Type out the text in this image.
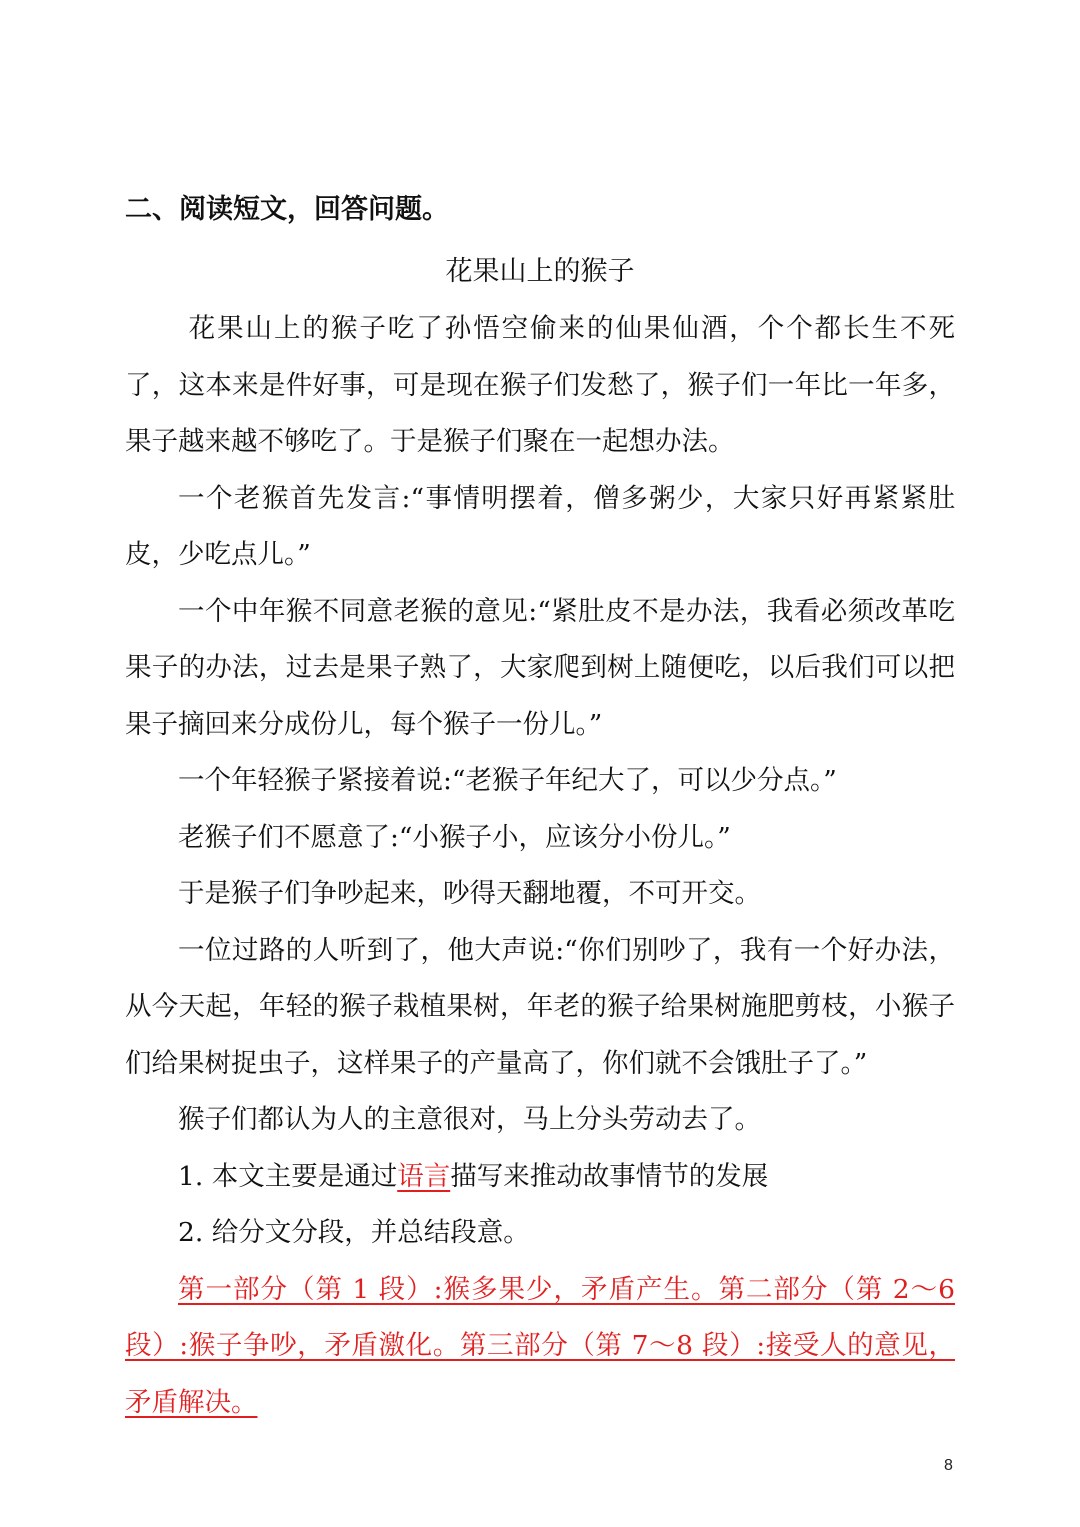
二、阅读短文，回答问题。
花果山上的猴子

花果山上的猴子吃了孙悟空偷来的仙果仙酒，个个都长生不死了，这本来是件好事，可是现在猴子们发愁了，猴子们一年比一年多，果子越来越不够吃了。于是猴子们聚在一起想办法。

一个老猴首先发言:“事情明摆着，僧多粥少，大家只好再紧紧肚皮，少吃点儿。”

一个中年猴不同意老猴的意见:“紧肚皮不是办法，我看必须改革吃果子的办法，过去是果子熟了，大家爬到树上随便吃，以后我们可以把果子摘回来分成份儿，每个猴子一份儿。”

一个年轻猴子紧接着说:“老猴子年纪大了，可以少分点。”

老猴子们不愿意了:“小猴子小，应该分小份儿。”

于是猴子们争吵起来，吵得天翻地覆，不可开交。

一位过路的人听到了，他大声说:“你们别吵了，我有一个好办法，从今天起，年轻的猴子栽植果树，年老的猴子给果树施肥剪枝，小猴子们给果树捉虫子，这样果子的产量高了，你们就不会饿肚子了。”

猴子们都认为人的主意很对，马上分头劳动去了。

1. 本文主要是通过语言描写来推动故事情节的发展

2. 给分文分段，并总结段意。

第一部分（第 1 段）:猴多果少，矛盾产生。第二部分（第 2～6 段）:猴子争吵，矛盾激化。第三部分（第 7～8 段）:接受人的意见，矛盾解决。

8
